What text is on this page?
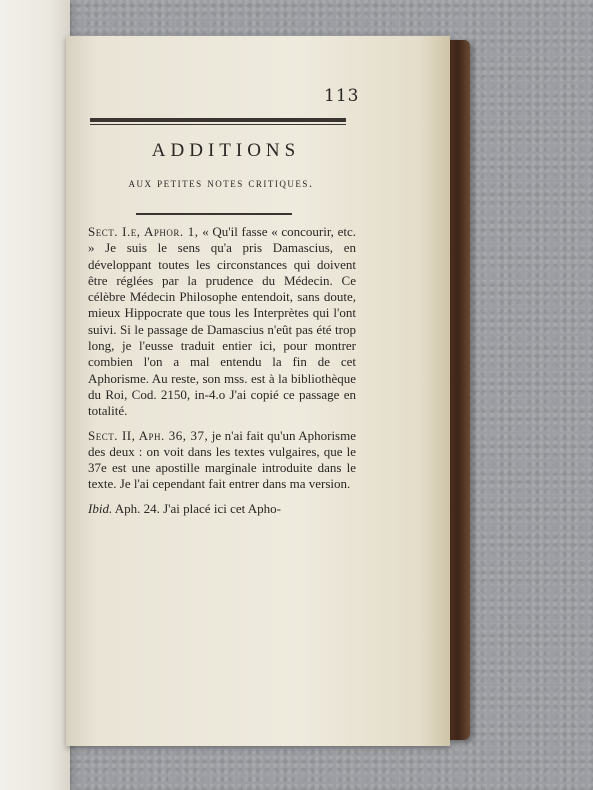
113
ADDITIONS
aux petites notes critiques.

Sect. I.e, Aphor. 1, « Qu'il fasse « concourir, etc. » Je suis le sens qu'a pris Damascius, en développant toutes les circonstances qui doivent être réglées par la prudence du Médecin. Ce célèbre Médecin Philosophe entendoit, sans doute, mieux Hippocrate que tous les Interprètes qui l'ont suivi. Si le passage de Damascius n'eût pas été trop long, je l'eusse traduit entier ici, pour montrer combien l'on a mal entendu la fin de cet Aphorisme. Au reste, son mss. est à la bibliothèque du Roi, Cod. 2150, in-4.o J'ai copié ce passage en totalité.

Sect. II, Aph. 36, 37, je n'ai fait qu'un Aphorisme des deux : on voit dans les textes vulgaires, que le 37e est une apostille marginale introduite dans le texte. Je l'ai cependant fait entrer dans ma version.

Ibid. Aph. 24. J'ai placé ici cet Apho-
